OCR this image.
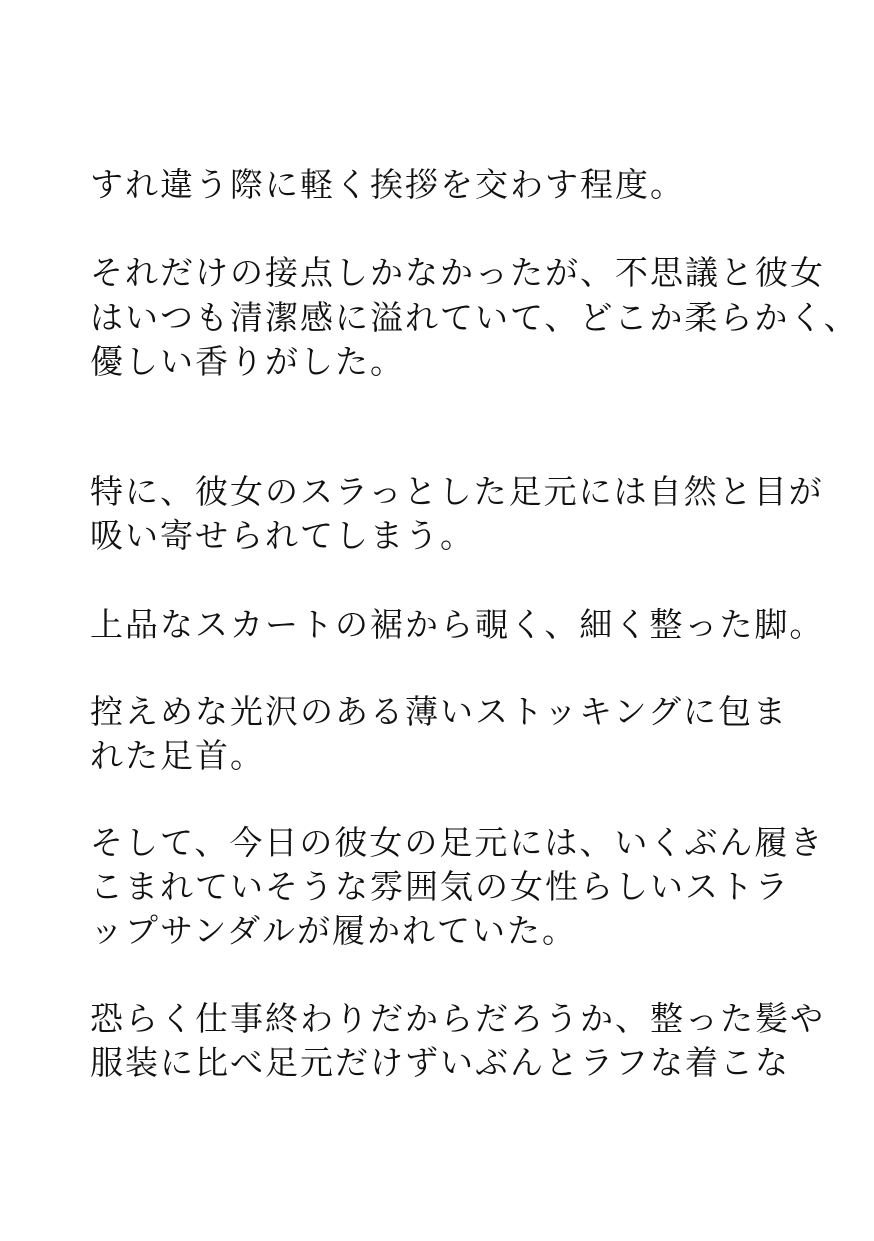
すれ違う際に軽く挨拶を交わす程度。

それだけの接点しかなかったが、不思議と彼女

はいつも清潔感に溢れていて、どこか柔らかく、

優しい香りがした。

特に、彼女のスラっとした足元には自然と目が

吸い寄せられてしまう。

上品なスカートの裾から覗く、細く整った脚。

控えめな光沢のある薄いストッキングに包ま

れた足首。

そして、今日の彼女の足元には、いくぶん履き

こまれていそうな雰囲気の女性らしいストラ

ップサンダルが履かれていた。

恐らく仕事終わりだからだろうか、整った髪や

服装に比べ足元だけずいぶんとラフな着こな
